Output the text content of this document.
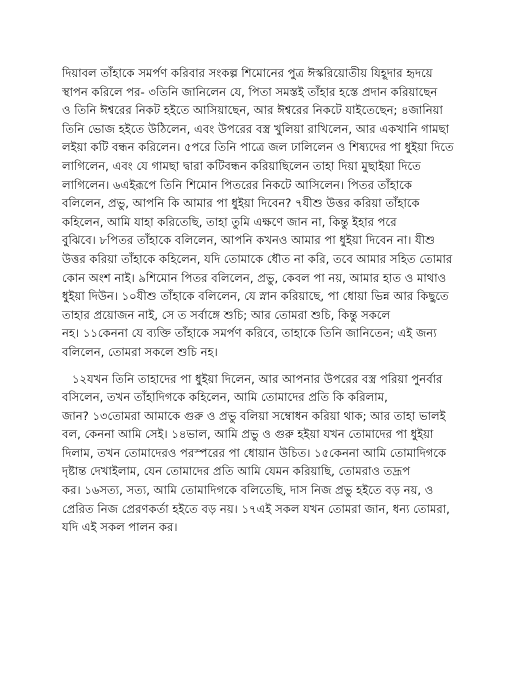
দিয়াবল তাঁহাকে সমর্পণ করিবার সংকল্প শিমোনের পুত্র ঈস্করিয়োতীয় যিহূদার হৃদয়ে
স্থাপন করিলে পর- ৩তিনি জানিলেন যে, পিতা সমস্তই তাঁহার হস্তে প্রদান করিয়াছেন
ও তিনি ঈশ্বরের নিকট হইতে আসিয়াছেন, আর ঈশ্বরের নিকটে যাইতেছেন; ৪জানিয়া
তিনি ভোজ হইতে উঠিলেন, এবং উপরের বস্ত্র খুলিয়া রাখিলেন, আর একখানি গামছা
লইয়া কটি বন্ধন করিলেন। ৫পরে তিনি পাত্রে জল ঢালিলেন ও শিষ্যদের পা ধুইয়া দিতে
লাগিলেন, এবং যে গামছা দ্বারা কটিবন্ধন করিয়াছিলেন তাহা দিয়া মুছাইয়া দিতে
লাগিলেন। ৬এইরূপে তিনি শিমোন পিতরের নিকটে আসিলেন। পিতর তাঁহাকে
বলিলেন, প্রভু, আপনি কি আমার পা ধুইয়া দিবেন? ৭যীশু উত্তর করিয়া তাঁহাকে
কহিলেন, আমি যাহা করিতেছি, তাহা তুমি এক্ষণে জান না, কিন্তু ইহার পরে
বুঝিবে। ৮পিতর তাঁহাকে বলিলেন, আপনি কখনও আমার পা ধুইয়া দিবেন না। যীশু
উত্তর করিয়া তাঁহাকে কহিলেন, যদি তোমাকে ধৌত না করি, তবে আমার সহিত তোমার
কোন অংশ নাই। ৯শিমোন পিতর বলিলেন, প্রভু, কেবল পা নয়, আমার হাত ও মাথাও
ধুইয়া দিউন। ১০যীশু তাঁহাকে বলিলেন, যে স্নান করিয়াছে, পা ধোয়া ভিন্ন আর কিছুতে
তাহার প্রয়োজন নাই, সে ত সর্বাঙ্গে শুচি; আর তোমরা শুচি, কিন্তু সকলে
নহ। ১১কেননা যে ব্যক্তি তাঁহাকে সমর্পণ করিবে, তাহাকে তিনি জানিতেন; এই জন্য
বলিলেন, তোমরা সকলে শুচি নহ।

১২যখন তিনি তাহাদের পা ধুইয়া দিলেন, আর আপনার উপরের বস্ত্র পরিয়া পুনর্বার
বসিলেন, তখন তাঁহাদিগকে কহিলেন, আমি তোমাদের প্রতি কি করিলাম,
জান? ১৩তোমরা আমাকে গুরু ও প্রভু বলিয়া সম্বোধন করিয়া থাক; আর তাহা ভালই
বল, কেননা আমি সেই। ১৪ভাল, আমি প্রভু ও গুরু হইয়া যখন তোমাদের পা ধুইয়া
দিলাম, তখন তোমাদেরও পরস্পরের পা ধোয়ান উচিত। ১৫কেননা আমি তোমাদিগকে
দৃষ্টান্ত দেখাইলাম, যেন তোমাদের প্রতি আমি যেমন করিয়াছি, তোমরাও তদ্রূপ
কর। ১৬সত্য, সত্য, আমি তোমাদিগকে বলিতেছি, দাস নিজ প্রভু হইতে বড় নয়, ও
প্রেরিত নিজ প্রেরণকর্তা হইতে বড় নয়। ১৭এই সকল যখন তোমরা জান, ধন্য তোমরা,
যদি এই সকল পালন কর।
